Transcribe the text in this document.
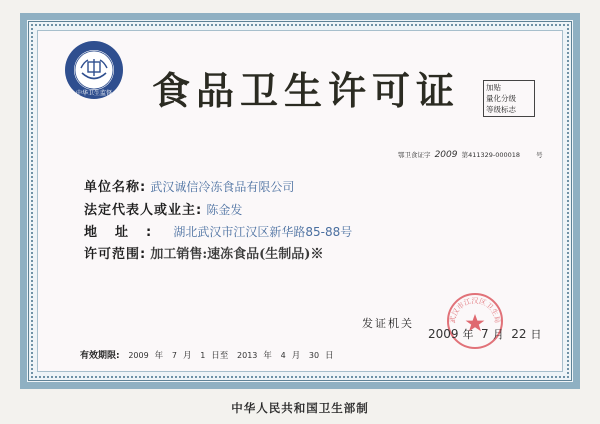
中华卫生监督 食品卫生许可证	加贴
量化分级
等级标志
鄂卫食证字 2009 第411329-000018 号
单位名称: 武汉诚信冷冻食品有限公司
法定代表人或业主: 陈金发
地址: 湖北武汉市江汉区新华路85-88号
许可范围: 加工销售:速冻食品(生制品)※
发证机关	武汉市江汉区卫生局
2009 年 7 月 22 日
有效期限: 2009 年 7 月 1 日至 2013 年 4 月 30 日
中华人民共和国卫生部制
